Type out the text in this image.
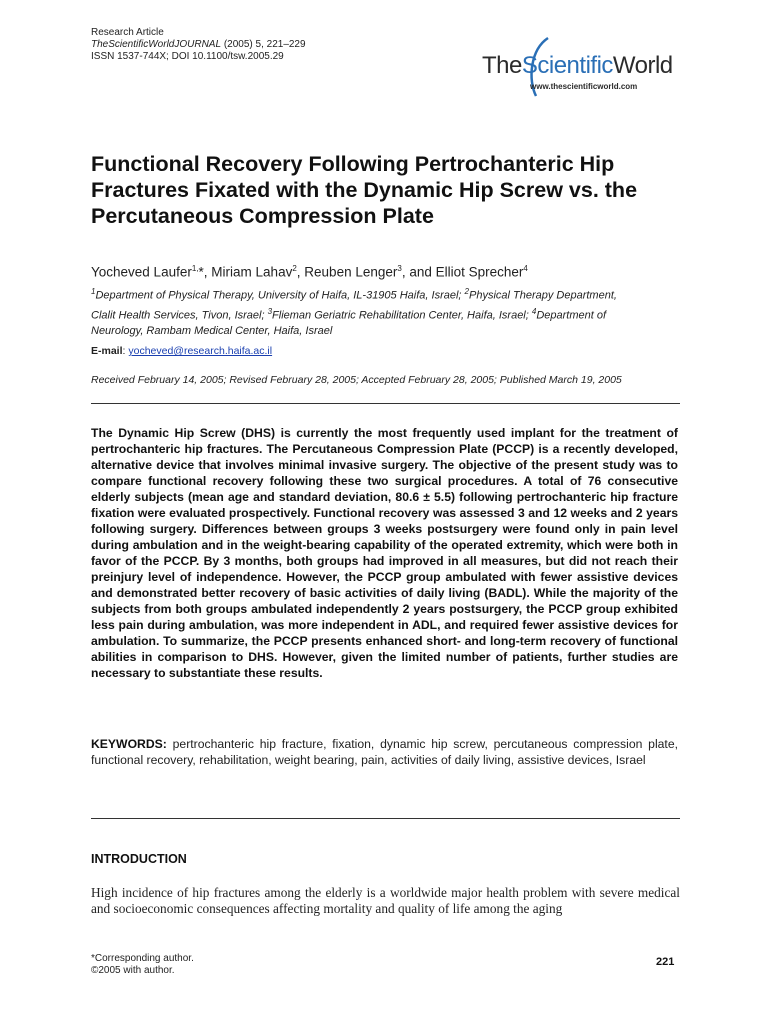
Research Article
TheScientificWorldJOURNAL (2005) 5, 221–229
ISSN 1537-744X; DOI 10.1100/tsw.2005.29	TheScientificWorld
www.thescientificworld.com
Functional Recovery Following Pertrochanteric Hip Fractures Fixated with the Dynamic Hip Screw vs. the Percutaneous Compression Plate
Yocheved Laufer$^{1,}$*, Miriam Lahav$^2$, Reuben Lenger$^3$, and Elliot Sprecher$^4$
$^1$Department of Physical Therapy, University of Haifa, IL-31905 Haifa, Israel; $^2$Physical Therapy Department, Clalit Health Services, Tivon, Israel; $^3$Flieman Geriatric Rehabilitation Center, Haifa, Israel; $^4$Department of Neurology, Rambam Medical Center, Haifa, Israel
E-mail: yocheved@research.haifa.ac.il
Received February 14, 2005; Revised February 28, 2005; Accepted February 28, 2005; Published March 19, 2005
The Dynamic Hip Screw (DHS) is currently the most frequently used implant for the treatment of pertrochanteric hip fractures. The Percutaneous Compression Plate (PCCP) is a recently developed, alternative device that involves minimal invasive surgery. The objective of the present study was to compare functional recovery following these two surgical procedures. A total of 76 consecutive elderly subjects (mean age and standard deviation, 80.6 ± 5.5) following pertrochanteric hip fracture fixation were evaluated prospectively. Functional recovery was assessed 3 and 12 weeks and 2 years following surgery. Differences between groups 3 weeks postsurgery were found only in pain level during ambulation and in the weight-bearing capability of the operated extremity, which were both in favor of the PCCP. By 3 months, both groups had improved in all measures, but did not reach their preinjury level of independence. However, the PCCP group ambulated with fewer assistive devices and demonstrated better recovery of basic activities of daily living (BADL). While the majority of the subjects from both groups ambulated independently 2 years postsurgery, the PCCP group exhibited less pain during ambulation, was more independent in ADL, and required fewer assistive devices for ambulation. To summarize, the PCCP presents enhanced short- and long-term recovery of functional abilities in comparison to DHS. However, given the limited number of patients, further studies are necessary to substantiate these results.
KEYWORDS: pertrochanteric hip fracture, fixation, dynamic hip screw, percutaneous compression plate, functional recovery, rehabilitation, weight bearing, pain, activities of daily living, assistive devices, Israel
INTRODUCTION
High incidence of hip fractures among the elderly is a worldwide major health problem with severe medical and socioeconomic consequences affecting mortality and quality of life among the aging
*Corresponding author.
©2005 with author.
221
